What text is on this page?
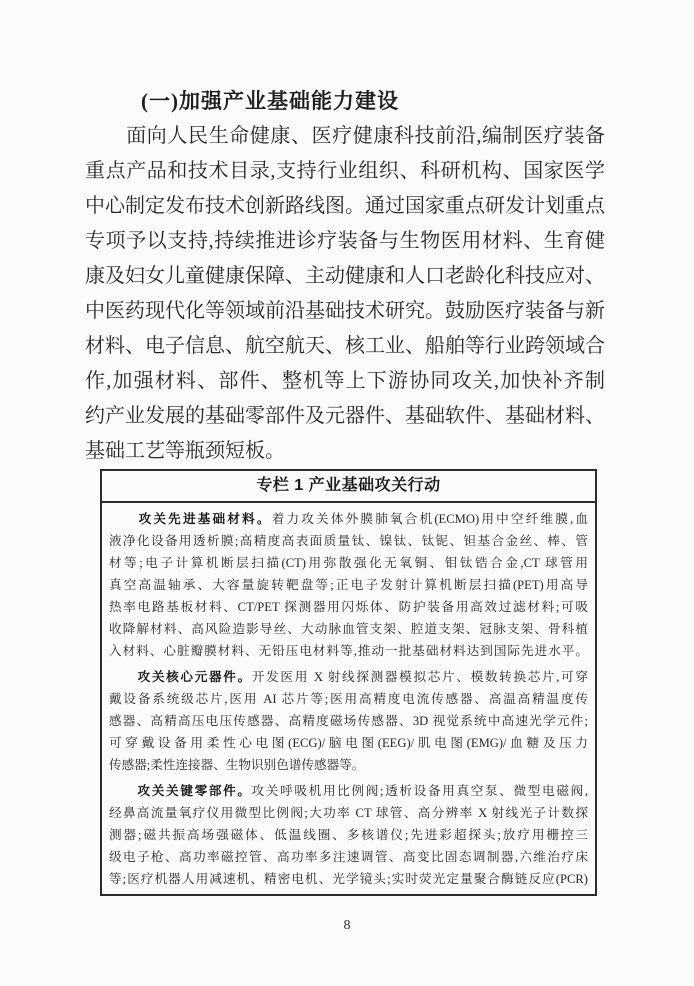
(一)加强产业基础能力建设
　　面向人民生命健康、医疗健康科技前沿,编制医疗装备
重点产品和技术目录,支持行业组织、科研机构、国家医学
中心制定发布技术创新路线图。通过国家重点研发计划重点
专项予以支持,持续推进诊疗装备与生物医用材料、生育健
康及妇女儿童健康保障、主动健康和人口老龄化科技应对、
中医药现代化等领域前沿基础技术研究。鼓励医疗装备与新
材料、电子信息、航空航天、核工业、船舶等行业跨领域合
作,加强材料、部件、整机等上下游协同攻关,加快补齐制
约产业发展的基础零部件及元器件、基础软件、基础材料、
基础工艺等瓶颈短板。
专栏 1 产业基础攻关行动
　　攻关先进基础材料。着力攻关体外膜肺氧合机(ECMO)用中空纤维膜,血
液净化设备用透析膜;高精度高表面质量钛、镍钛、钛铌、钽基合金丝、棒、管
材等;电子计算机断层扫描(CT)用弥散强化无氧铜、钼钛锆合金,CT 球管用
真空高温轴承、大容量旋转靶盘等;正电子发射计算机断层扫描(PET)用高导
热率电路基板材料、CT/PET 探测器用闪烁体、防护装备用高效过滤材料;可吸
收降解材料、高风险造影导丝、大动脉血管支架、腔道支架、冠脉支架、骨科植
入材料、心脏瓣膜材料、无铅压电材料等,推动一批基础材料达到国际先进水平。
　　攻关核心元器件。开发医用 X 射线探测器模拟芯片、模数转换芯片,可穿
戴设备系统级芯片,医用 AI 芯片等;医用高精度电流传感器、高温高精温度传
感器、高精高压电压传感器、高精度磁场传感器、3D 视觉系统中高速光学元件;
可穿戴设备用柔性心电图(ECG)/脑电图(EEG)/肌电图(EMG)/血糖及压力
传感器;柔性连接器、生物识别色谱传感器等。
　　攻关关键零部件。攻关呼吸机用比例阀;透析设备用真空泵、微型电磁阀,
经鼻高流量氧疗仪用微型比例阀;大功率 CT 球管、高分辨率 X 射线光子计数探
测器;磁共振高场强磁体、低温线圈、多核谱仪;先进彩超探头;放疗用栅控三
级电子枪、高功率磁控管、高功率多注速调管、高变比固态调制器,六维治疗床
等;医疗机器人用减速机、精密电机、光学镜头;实时荧光定量聚合酶链反应(PCR)
8
